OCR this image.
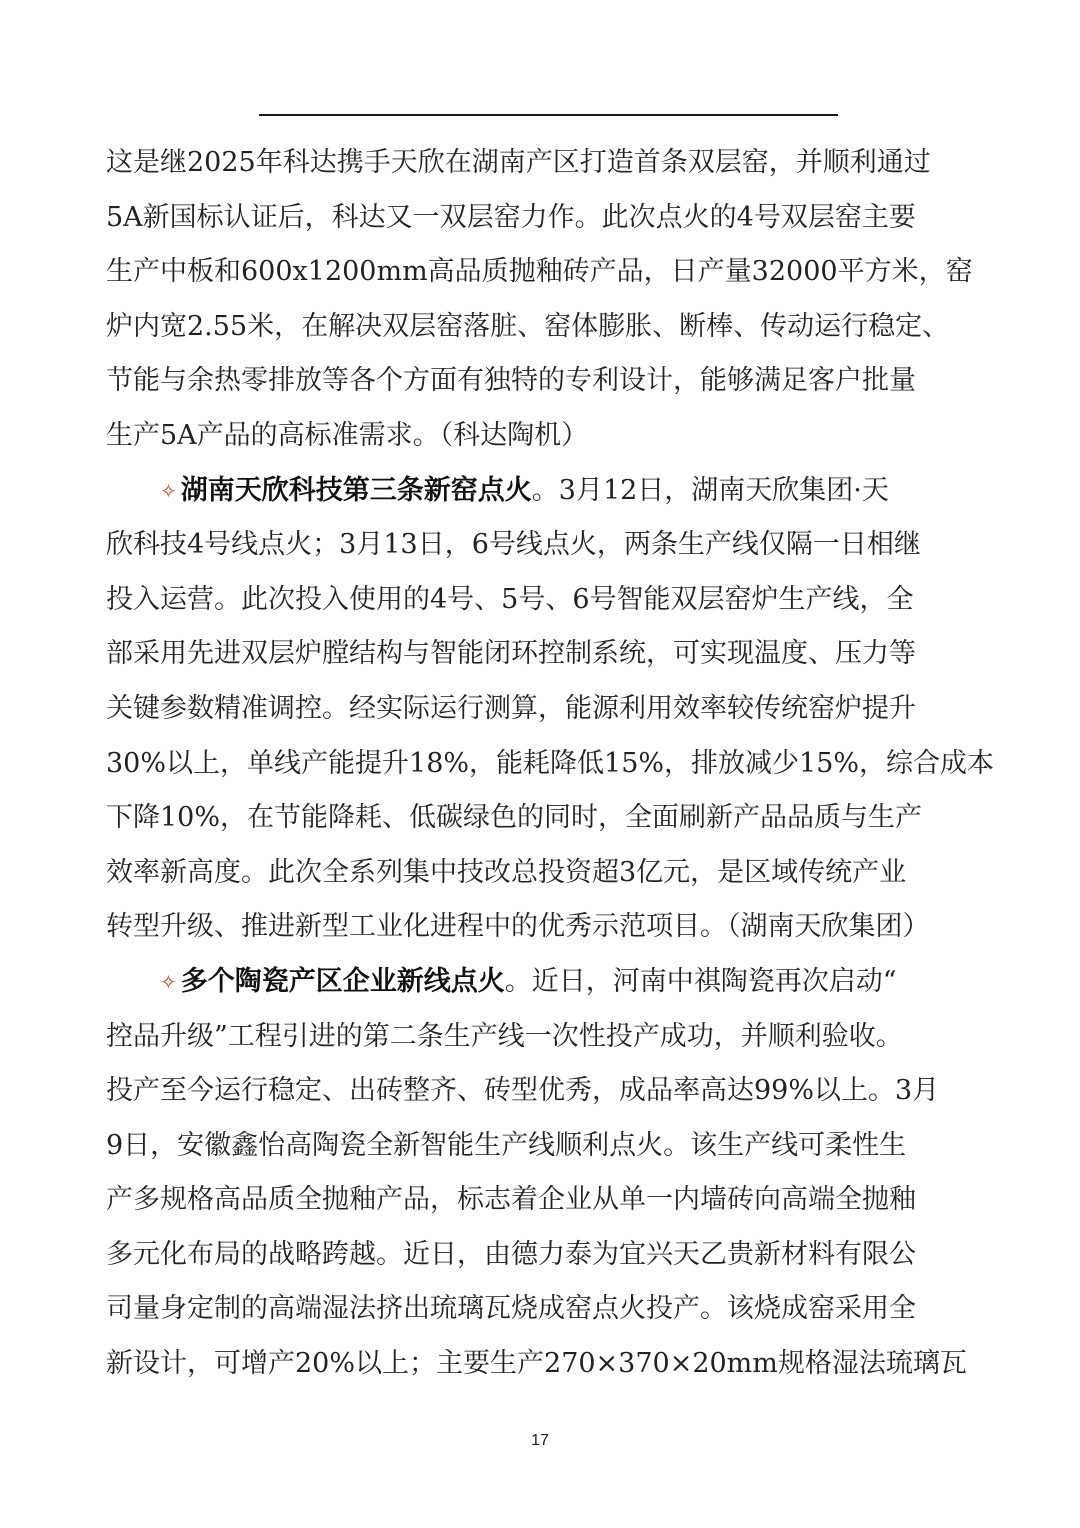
这是继2025年科达携手天欣在湖南产区打造首条双层窑，并顺利通过
5A新国标认证后，科达又一双层窑力作。此次点火的4号双层窑主要
生产中板和600x1200mm高品质抛釉砖产品，日产量32000平方米，窑
炉内宽2.55米，在解决双层窑落脏、窑体膨胀、断棒、传动运行稳定、
节能与余热零排放等各个方面有独特的专利设计，能够满足客户批量
生产5A产品的高标准需求。（科达陶机）
✧ 湖南天欣科技第三条新窑点火。3月12日，湖南天欣集团·天
欣科技4号线点火；3月13日，6号线点火，两条生产线仅隔一日相继
投入运营。此次投入使用的4号、5号、6号智能双层窑炉生产线，全
部采用先进双层炉膛结构与智能闭环控制系统，可实现温度、压力等
关键参数精准调控。经实际运行测算，能源利用效率较传统窑炉提升
30%以上，单线产能提升18%，能耗降低15%，排放减少15%，综合成本
下降10%，在节能降耗、低碳绿色的同时，全面刷新产品品质与生产
效率新高度。此次全系列集中技改总投资超3亿元，是区域传统产业
转型升级、推进新型工业化进程中的优秀示范项目。（湖南天欣集团）
✧ 多个陶瓷产区企业新线点火。近日，河南中祺陶瓷再次启动“
控品升级”工程引进的第二条生产线一次性投产成功，并顺利验收。
投产至今运行稳定、出砖整齐、砖型优秀，成品率高达99%以上。3月
9日，安徽鑫怡高陶瓷全新智能生产线顺利点火。该生产线可柔性生
产多规格高品质全抛釉产品，标志着企业从单一内墙砖向高端全抛釉
多元化布局的战略跨越。近日，由德力泰为宜兴天乙贵新材料有限公
司量身定制的高端湿法挤出琉璃瓦烧成窑点火投产。该烧成窑采用全
新设计，可增产20%以上；主要生产270×370×20mm规格湿法琉璃瓦
17
